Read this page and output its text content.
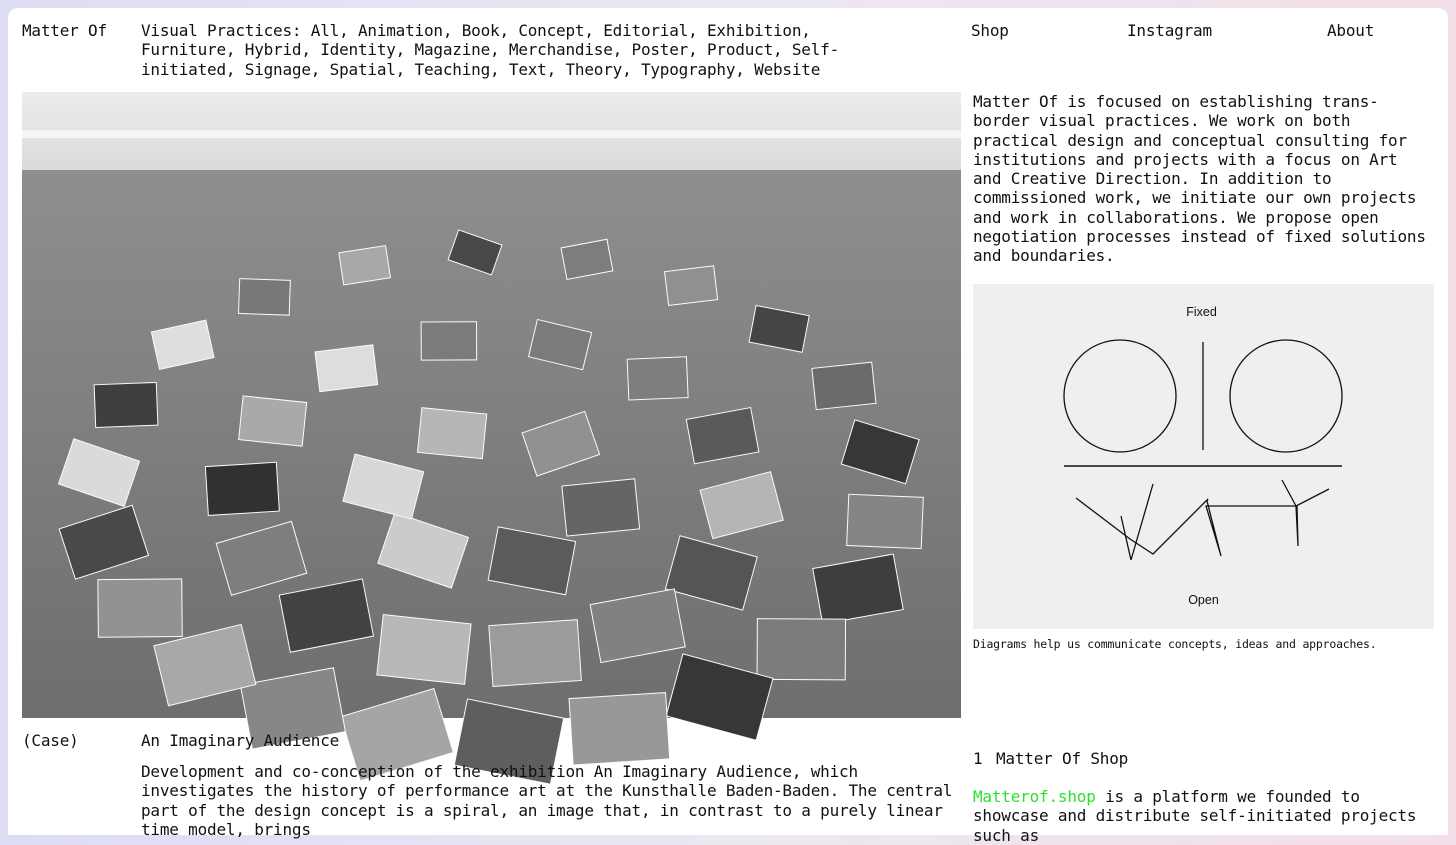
Matter Of Visual Practices: All, Animation, Book, Concept, Editorial, Exhibition, Furniture, Hybrid, Identity, Magazine, Merchandise, Poster, Product, Self-initiated, Signage, Spatial, Teaching, Text, Theory, Typography, Website
Shop	Instagram	About
Matter Of is focused on establishing trans-border visual practices. We work on both practical design and conceptual consulting for institutions and projects with a focus on Art and Creative Direction. In addition to commissioned work, we initiate our own projects and work in collaborations. We propose open negotiation processes instead of fixed solutions and boundaries.
Fixed
Open
Diagrams help us communicate concepts, ideas and approaches.
(Case)	An Imaginary Audience
Development and co-conception of the exhibition An Imaginary Audience, which investigates the history of performance art at the Kunsthalle Baden-Baden. The central part of the design concept is a spiral, an image that, in contrast to a purely linear time model, brings
1 Matter Of Shop
Matterof.shop is a platform we founded to showcase and distribute self-initiated projects such as
